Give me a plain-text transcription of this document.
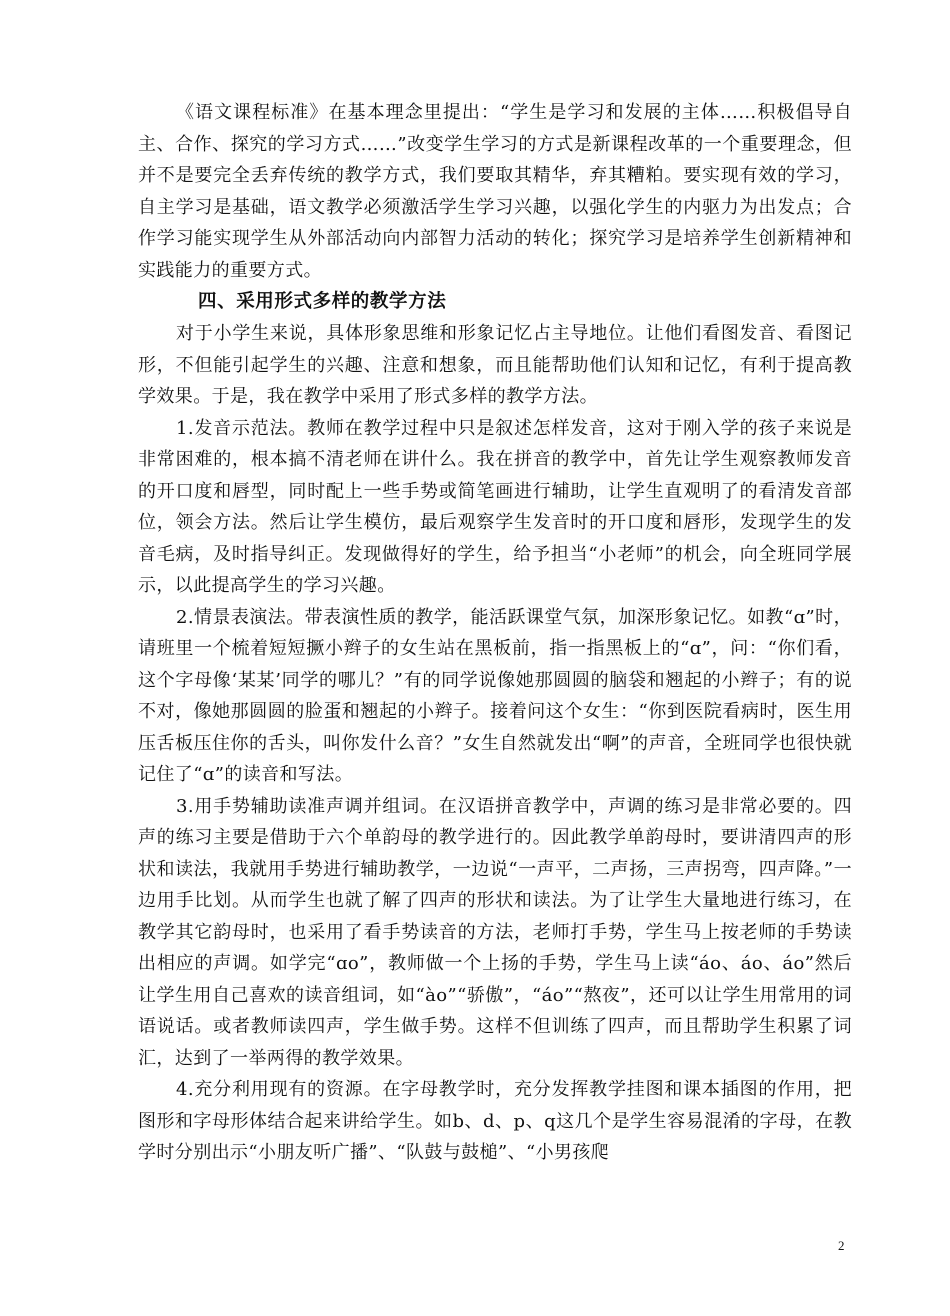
《语文课程标准》在基本理念里提出：“学生是学习和发展的主体……积极倡导自主、合作、探究的学习方式……”改变学生学习的方式是新课程改革的一个重要理念，但并不是要完全丢弃传统的教学方式，我们要取其精华，弃其糟粕。要实现有效的学习，自主学习是基础，语文教学必须激活学生学习兴趣，以强化学生的内驱力为出发点；合作学习能实现学生从外部活动向内部智力活动的转化；探究学习是培养学生创新精神和实践能力的重要方式。

四、采用形式多样的教学方法

对于小学生来说，具体形象思维和形象记忆占主导地位。让他们看图发音、看图记形，不但能引起学生的兴趣、注意和想象，而且能帮助他们认知和记忆，有利于提高教学效果。于是，我在教学中采用了形式多样的教学方法。

1.发音示范法。教师在教学过程中只是叙述怎样发音，这对于刚入学的孩子来说是非常困难的，根本搞不清老师在讲什么。我在拼音的教学中，首先让学生观察教师发音的开口度和唇型，同时配上一些手势或简笔画进行辅助，让学生直观明了的看清发音部位，领会方法。然后让学生模仿，最后观察学生发音时的开口度和唇形，发现学生的发音毛病，及时指导纠正。发现做得好的学生，给予担当“小老师”的机会，向全班同学展示，以此提高学生的学习兴趣。

2.情景表演法。带表演性质的教学，能活跃课堂气氛，加深形象记忆。如教“ɑ”时，请班里一个梳着短短撅小辫子的女生站在黑板前，指一指黑板上的“ɑ”，问：“你们看，这个字母像‘某某’同学的哪儿？”有的同学说像她那圆圆的脑袋和翘起的小辫子；有的说不对，像她那圆圆的脸蛋和翘起的小辫子。接着问这个女生：“你到医院看病时，医生用压舌板压住你的舌头，叫你发什么音？”女生自然就发出“啊”的声音，全班同学也很快就记住了“ɑ”的读音和写法。

3.用手势辅助读准声调并组词。在汉语拼音教学中，声调的练习是非常必要的。四声的练习主要是借助于六个单韵母的教学进行的。因此教学单韵母时，要讲清四声的形状和读法，我就用手势进行辅助教学，一边说“一声平，二声扬，三声拐弯，四声降。”一边用手比划。从而学生也就了解了四声的形状和读法。为了让学生大量地进行练习，在教学其它韵母时，也采用了看手势读音的方法，老师打手势，学生马上按老师的手势读出相应的声调。如学完“ɑo”，教师做一个上扬的手势，学生马上读“áo、áo、áo”然后让学生用自己喜欢的读音组词，如“ào”“骄傲”，“áo”“熬夜”，还可以让学生用常用的词语说话。或者教师读四声，学生做手势。这样不但训练了四声，而且帮助学生积累了词汇，达到了一举两得的教学效果。

4.充分利用现有的资源。在字母教学时，充分发挥教学挂图和课本插图的作用，把图形和字母形体结合起来讲给学生。如b、d、p、q这几个是学生容易混淆的字母，在教学时分别出示“小朋友听广播”、“队鼓与鼓槌”、“小男孩爬

2
